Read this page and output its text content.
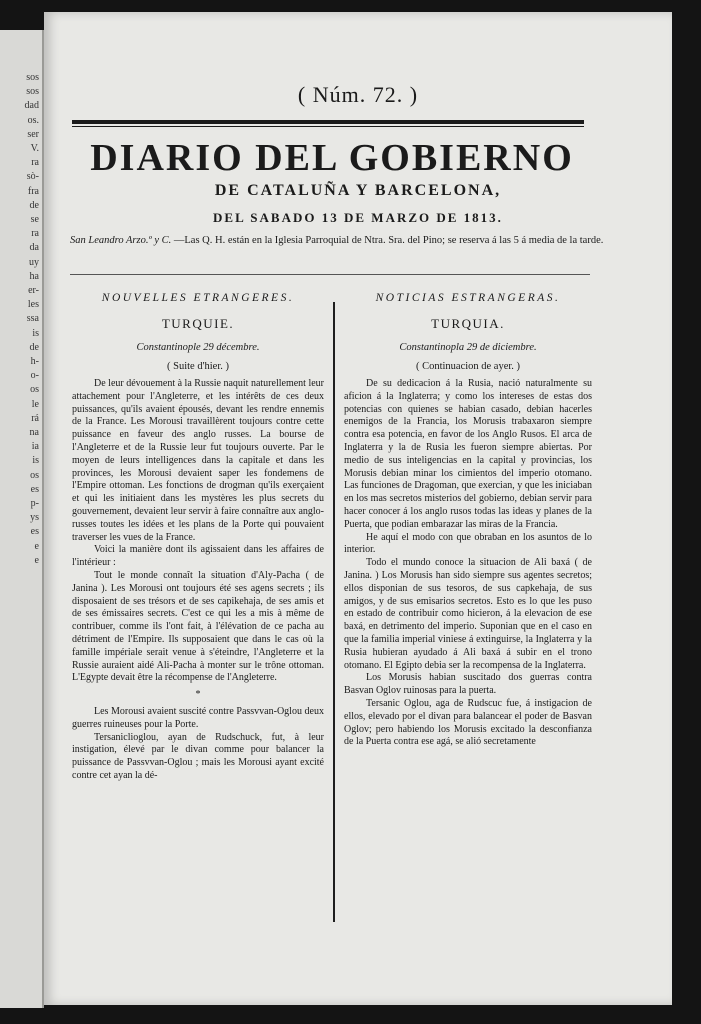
sos
sos
dad
os.
ser
V.
ra
sò-
fra
de
se
ra
da
uy
ha
er-
les
ssa
is
de
h-
o-
os
le
rá
na
ia
is
os
es
p-
ys
es
e
e
( Núm. 72. )
DIARIO DEL GOBIERNO
DE CATALUÑA Y BARCELONA,
DEL SABADO 13 DE MARZO DE 1813.
San Leandro Arzo.º y C. —Las Q. H. están en la Iglesia Parroquial de Ntra. Sra. del Pino; se reserva á las 5 á media de la tarde.
NOUVELLES ETRANGERES.
TURQUIE.
Constantinople 29 décembre.
( Suite d'hier. )

De leur dévouement à la Russie naquit naturellement leur attachement pour l'Angleterre, et les intérêts de ces deux puissances, qu'ils avaient épousés, devant les rendre ennemis de la France. Les Morousi travaillèrent toujours contre cette puissance en faveur des anglo russes. La bourse de l'Angleterre et de la Russie leur fut toujours ouverte. Par le moyen de leurs intelligences dans la capitale et dans les provinces, les Morousi devaient saper les fondemens de l'Empire ottoman. Les fonctions de drogman qu'ils exerçaient et qui les initiaient dans les mystères les plus secrets du gouvernement, devaient leur servir à faire connaître aux anglo-russes toutes les idées et les plans de la Porte qui pouvaient traverser les vues de la France.

Voici la manière dont ils agissaient dans les affaires de l'intérieur :

Tout le monde connaît la situation d'Aly-Pacha ( de Janina ). Les Morousi ont toujours été ses agens secrets ; ils disposaient de ses trésors et de ses capikehaja, de ses amis et de ses émissaires secrets. C'est ce qui les a mis à même de contribuer, comme ils l'ont fait, à l'élévation de ce pacha au détriment de l'Empire. Ils supposaient que dans le cas où la famille impériale serait venue à s'éteindre, l'Angleterre et la Russie auraient aidé Ali-Pacha à monter sur le trône ottoman. L'Egypte devait être la récompense de l'Angleterre.

*

Les Morousi avaient suscité contre Passvvan-Oglou deux guerres ruineuses pour la Porte.

Tersaniclioglou, ayan de Rudschuck, fut, à leur instigation, élevé par le divan comme pour balancer la puissance de Passvvan-Oglou ; mais les Morousi ayant excité contre cet ayan la dé-

NOTICIAS ESTRANGERAS.
TURQUIA.
Constantinopla 29 de diciembre.
( Continuacion de ayer. )

De su dedicacion á la Rusia, nació naturalmente su aficion á la Inglaterra; y como los intereses de estas dos potencias con quienes se habian casado, debian hacerles enemigos de la Francia, los Morusis trabaxaron siempre contra esa potencia, en favor de los Anglo Rusos. El arca de Inglaterra y la de Rusia les fueron siempre abiertas. Por medio de sus inteligencias en la capital y provincias, los Morusis debian minar los cimientos del imperio otomano. Las funciones de Dragoman, que exercian, y que les iniciaban en los mas secretos misterios del gobierno, debian servir para hacer conocer á los anglo rusos todas las ideas y planes de la Puerta, que podian embarazar las miras de la Francia.

He aquí el modo con que obraban en los asuntos de lo interior.

Todo el mundo conoce la situacion de Ali baxá ( de Janina. ) Los Morusis han sido siempre sus agentes secretos; ellos disponian de sus tesoros, de sus capkehaja, de sus amigos, y de sus emisarios secretos. Esto es lo que les puso en estado de contribuir como hicieron, á la elevacion de ese baxá, en detrimento del imperio. Suponian que en el caso en que la familia imperial viniese á extinguirse, la Inglaterra y la Rusia hubieran ayudado á Ali baxá á subir en el trono otomano. El Egipto debia ser la recompensa de la Inglaterra.

Los Morusis habian suscitado dos guerras contra Basvan Oglov ruinosas para la puerta.

Tersanic Oglou, aga de Rudscuc fue, á instigacion de ellos, elevado por el divan para balancear el poder de Basvan Oglov; pero habiendo los Morusis excitado la desconfianza de la Puerta contra ese agá, se alió secretamente
